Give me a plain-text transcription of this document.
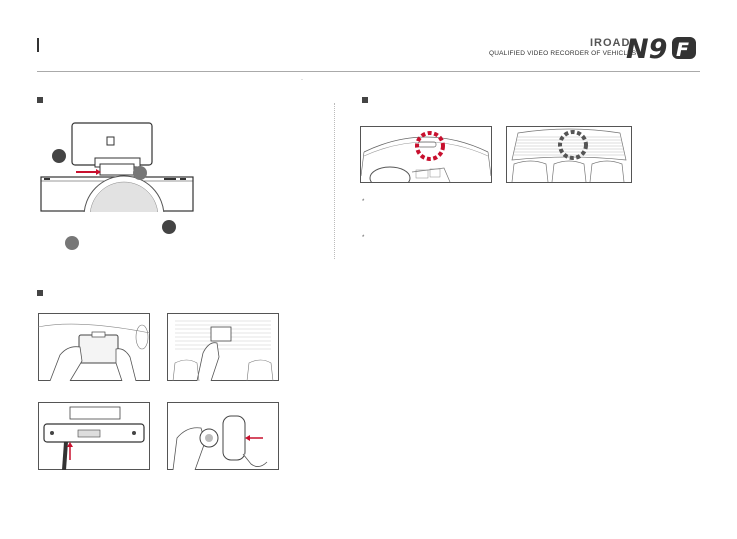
IROAD
QUALIFIED VIDEO RECORDER OF VEHICLES
N9 F
·
*
*
